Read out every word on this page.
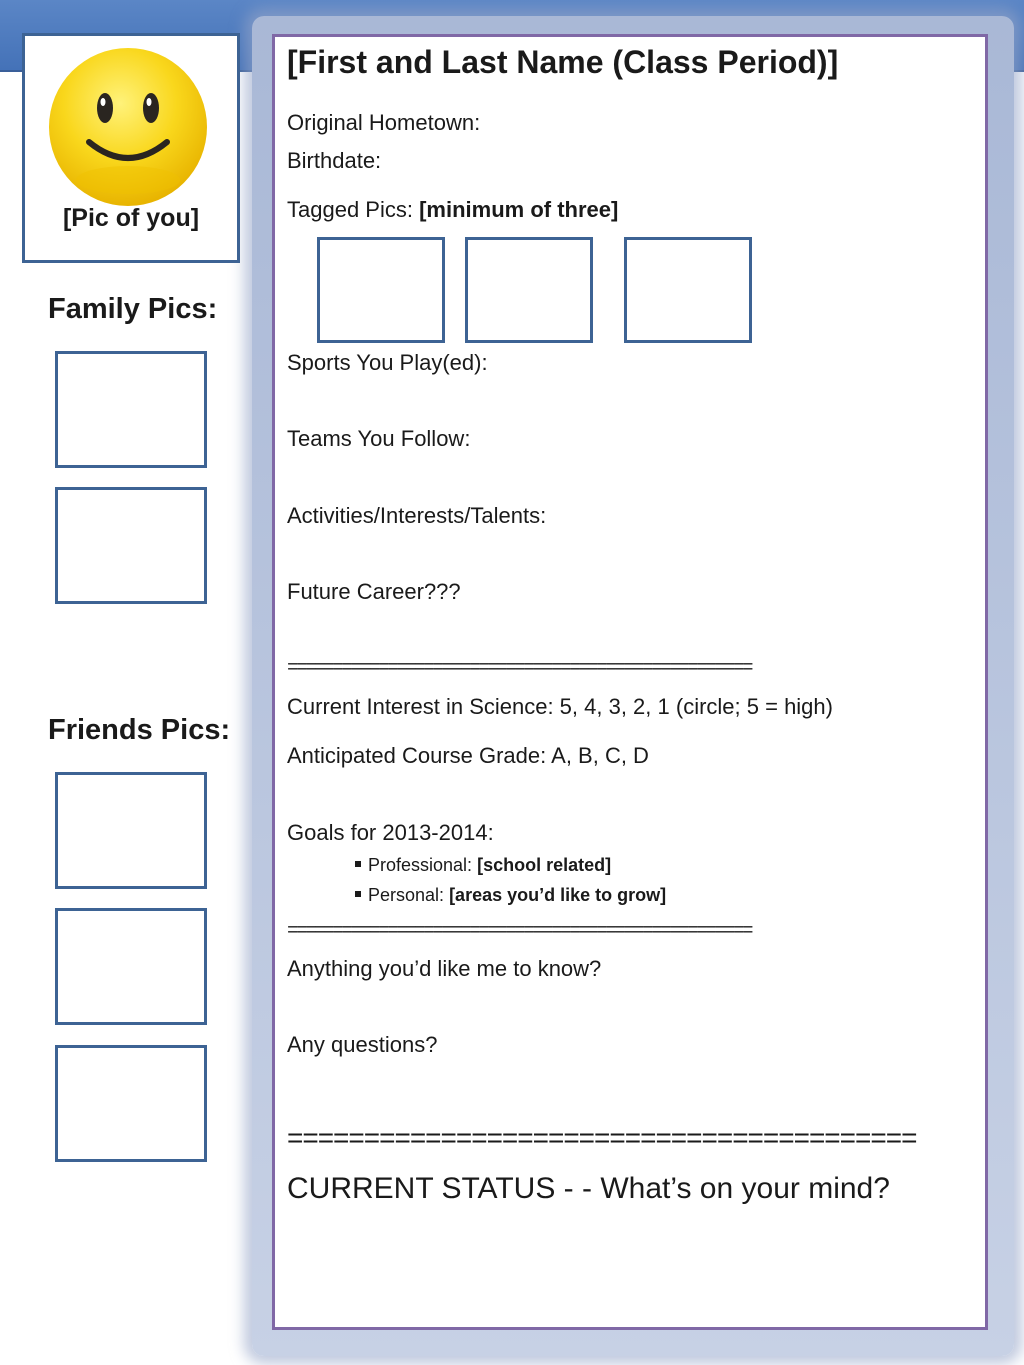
[Pic of you]
Family Pics:
Friends Pics:
[First and Last Name (Class Period)]
Original Hometown:
Birthdate:
Tagged Pics: [minimum of three]
Sports You Play(ed):
Teams You Follow:
Activities/Interests/Talents:
Future Career???
===================================================
Current Interest in Science: 5, 4, 3, 2, 1 (circle; 5 = high)
Anticipated Course Grade: A, B, C, D
Goals for 2013-2014:
Professional: [school related]
Personal: [areas you’d like to grow]
===================================================
Anything you’d like me to know?
Any questions?
=========================================
CURRENT STATUS - - What’s on your mind?
